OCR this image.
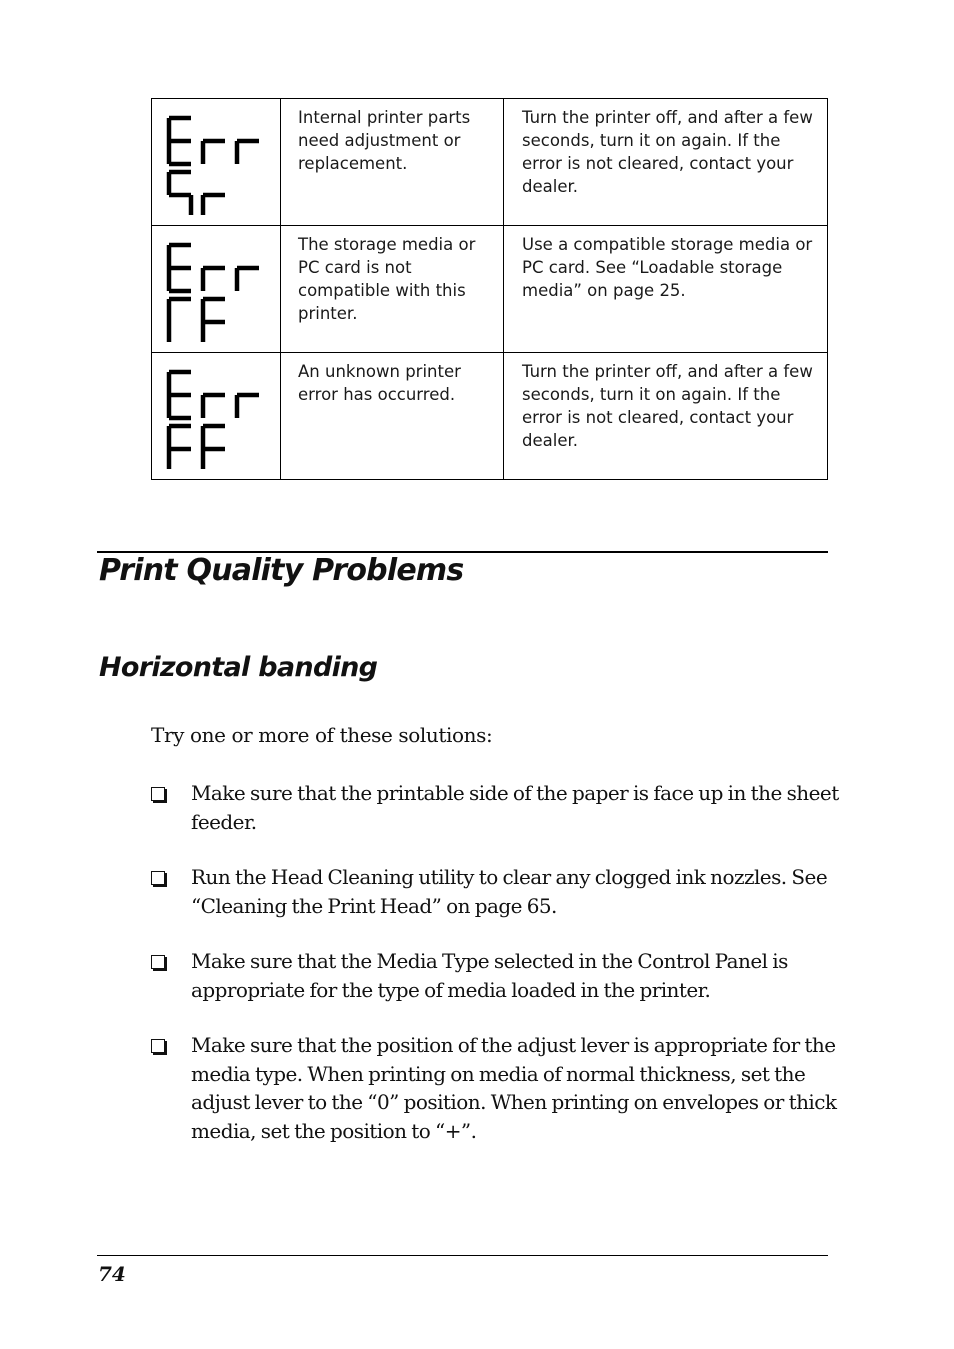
	Internal printer parts need adjustment or replacement.	Turn the printer off, and after a few seconds, turn it on again. If the error is not cleared, contact your dealer.

	The storage media or PC card is not compatible with this printer.	Use a compatible storage media or PC card. See “Loadable storage media” on page 25.

	An unknown printer error has occurred.	Turn the printer off, and after a few seconds, turn it on again. If the error is not cleared, contact your dealer.
Print Quality Problems
Horizontal banding

Try one or more of these solutions:

Make sure that the printable side of the paper is face up in the sheet feeder.
Run the Head Cleaning utility to clear any clogged ink nozzles. See “Cleaning the Print Head” on page 65.
Make sure that the Media Type selected in the Control Panel is appropriate for the type of media loaded in the printer.
Make sure that the position of the adjust lever is appropriate for the media type. When printing on media of normal thickness, set the adjust lever to the “0” position. When printing on envelopes or thick media, set the position to “+”.
74
